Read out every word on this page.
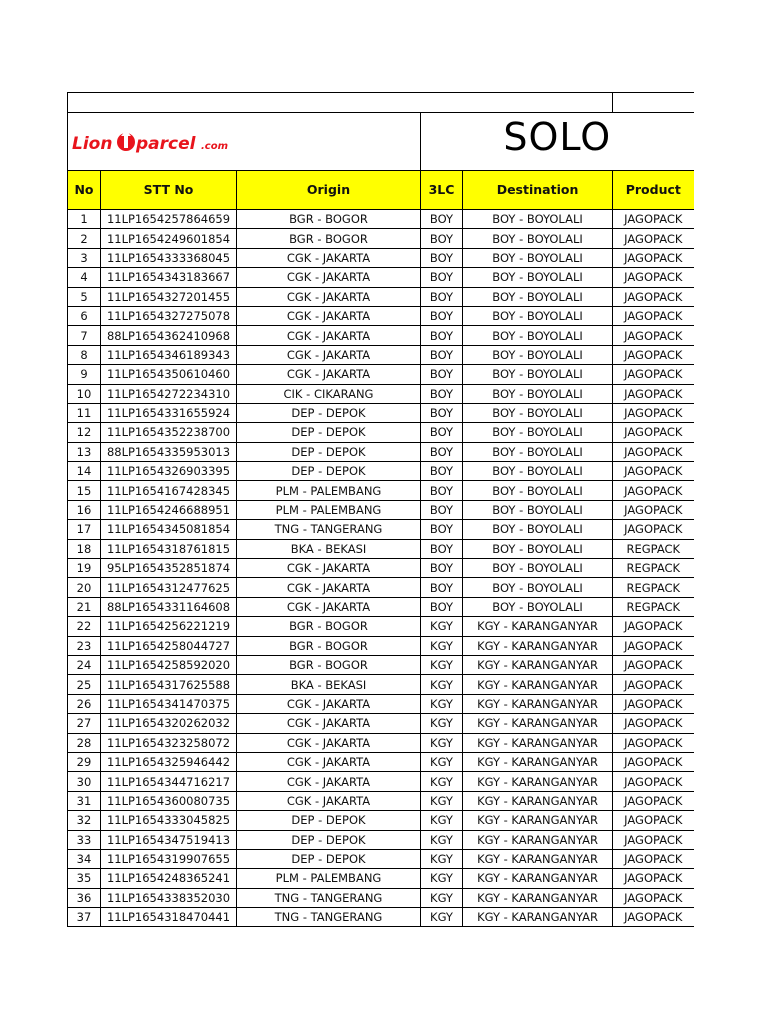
Lion parcel .com			SOLO		
No	STT No	Origin	3LC	Destination	Product
1	11LP1654257864659	BGR - BOGOR	BOY	BOY - BOYOLALI	JAGOPACK
2	11LP1654249601854	BGR - BOGOR	BOY	BOY - BOYOLALI	JAGOPACK
3	11LP1654333368045	CGK - JAKARTA	BOY	BOY - BOYOLALI	JAGOPACK
4	11LP1654343183667	CGK - JAKARTA	BOY	BOY - BOYOLALI	JAGOPACK
5	11LP1654327201455	CGK - JAKARTA	BOY	BOY - BOYOLALI	JAGOPACK
6	11LP1654327275078	CGK - JAKARTA	BOY	BOY - BOYOLALI	JAGOPACK
7	88LP1654362410968	CGK - JAKARTA	BOY	BOY - BOYOLALI	JAGOPACK
8	11LP1654346189343	CGK - JAKARTA	BOY	BOY - BOYOLALI	JAGOPACK
9	11LP1654350610460	CGK - JAKARTA	BOY	BOY - BOYOLALI	JAGOPACK
10	11LP1654272234310	CIK - CIKARANG	BOY	BOY - BOYOLALI	JAGOPACK
11	11LP1654331655924	DEP - DEPOK	BOY	BOY - BOYOLALI	JAGOPACK
12	11LP1654352238700	DEP - DEPOK	BOY	BOY - BOYOLALI	JAGOPACK
13	88LP1654335953013	DEP - DEPOK	BOY	BOY - BOYOLALI	JAGOPACK
14	11LP1654326903395	DEP - DEPOK	BOY	BOY - BOYOLALI	JAGOPACK
15	11LP1654167428345	PLM - PALEMBANG	BOY	BOY - BOYOLALI	JAGOPACK
16	11LP1654246688951	PLM - PALEMBANG	BOY	BOY - BOYOLALI	JAGOPACK
17	11LP1654345081854	TNG - TANGERANG	BOY	BOY - BOYOLALI	JAGOPACK
18	11LP1654318761815	BKA - BEKASI	BOY	BOY - BOYOLALI	REGPACK
19	95LP1654352851874	CGK - JAKARTA	BOY	BOY - BOYOLALI	REGPACK
20	11LP1654312477625	CGK - JAKARTA	BOY	BOY - BOYOLALI	REGPACK
21	88LP1654331164608	CGK - JAKARTA	BOY	BOY - BOYOLALI	REGPACK
22	11LP1654256221219	BGR - BOGOR	KGY	KGY - KARANGANYAR	JAGOPACK
23	11LP1654258044727	BGR - BOGOR	KGY	KGY - KARANGANYAR	JAGOPACK
24	11LP1654258592020	BGR - BOGOR	KGY	KGY - KARANGANYAR	JAGOPACK
25	11LP1654317625588	BKA - BEKASI	KGY	KGY - KARANGANYAR	JAGOPACK
26	11LP1654341470375	CGK - JAKARTA	KGY	KGY - KARANGANYAR	JAGOPACK
27	11LP1654320262032	CGK - JAKARTA	KGY	KGY - KARANGANYAR	JAGOPACK
28	11LP1654323258072	CGK - JAKARTA	KGY	KGY - KARANGANYAR	JAGOPACK
29	11LP1654325946442	CGK - JAKARTA	KGY	KGY - KARANGANYAR	JAGOPACK
30	11LP1654344716217	CGK - JAKARTA	KGY	KGY - KARANGANYAR	JAGOPACK
31	11LP1654360080735	CGK - JAKARTA	KGY	KGY - KARANGANYAR	JAGOPACK
32	11LP1654333045825	DEP - DEPOK	KGY	KGY - KARANGANYAR	JAGOPACK
33	11LP1654347519413	DEP - DEPOK	KGY	KGY - KARANGANYAR	JAGOPACK
34	11LP1654319907655	DEP - DEPOK	KGY	KGY - KARANGANYAR	JAGOPACK
35	11LP1654248365241	PLM - PALEMBANG	KGY	KGY - KARANGANYAR	JAGOPACK
36	11LP1654338352030	TNG - TANGERANG	KGY	KGY - KARANGANYAR	JAGOPACK
37	11LP1654318470441	TNG - TANGERANG	KGY	KGY - KARANGANYAR	JAGOPACK
